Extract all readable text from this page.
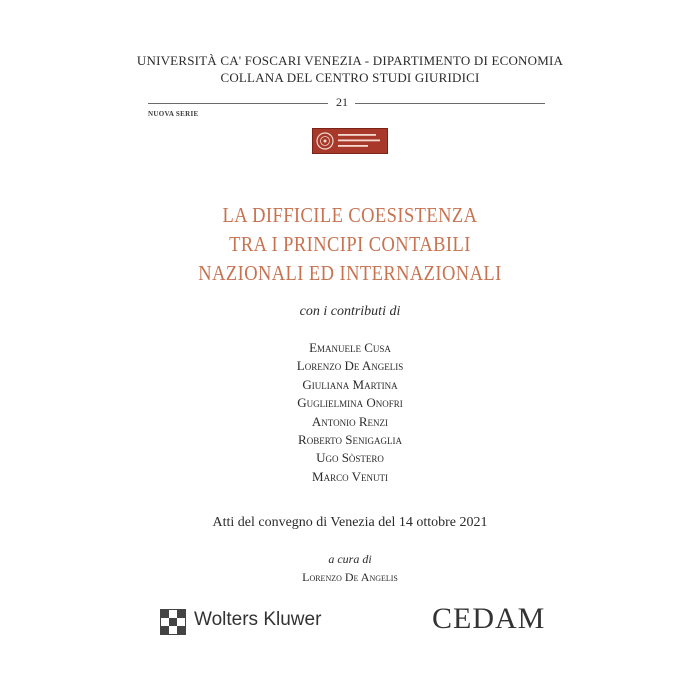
UNIVERSITÀ CA' FOSCARI VENEZIA - DIPARTIMENTO DI ECONOMIA
COLLANA DEL CENTRO STUDI GIURIDICI
21
NUOVA SERIE
LA DIFFICILE COESISTENZA
TRA I PRINCIPI CONTABILI
NAZIONALI ED INTERNAZIONALI
con i contributi di
Emanuele Cusa
Lorenzo De Angelis
Giuliana Martina
Guglielmina Onofri
Antonio Renzi
Roberto Senigaglia
Ugo Sòstero
Marco Venuti
Atti del convegno di Venezia del 14 ottobre 2021
a cura di
Lorenzo De Angelis
Wolters Kluwer	CEDAM
